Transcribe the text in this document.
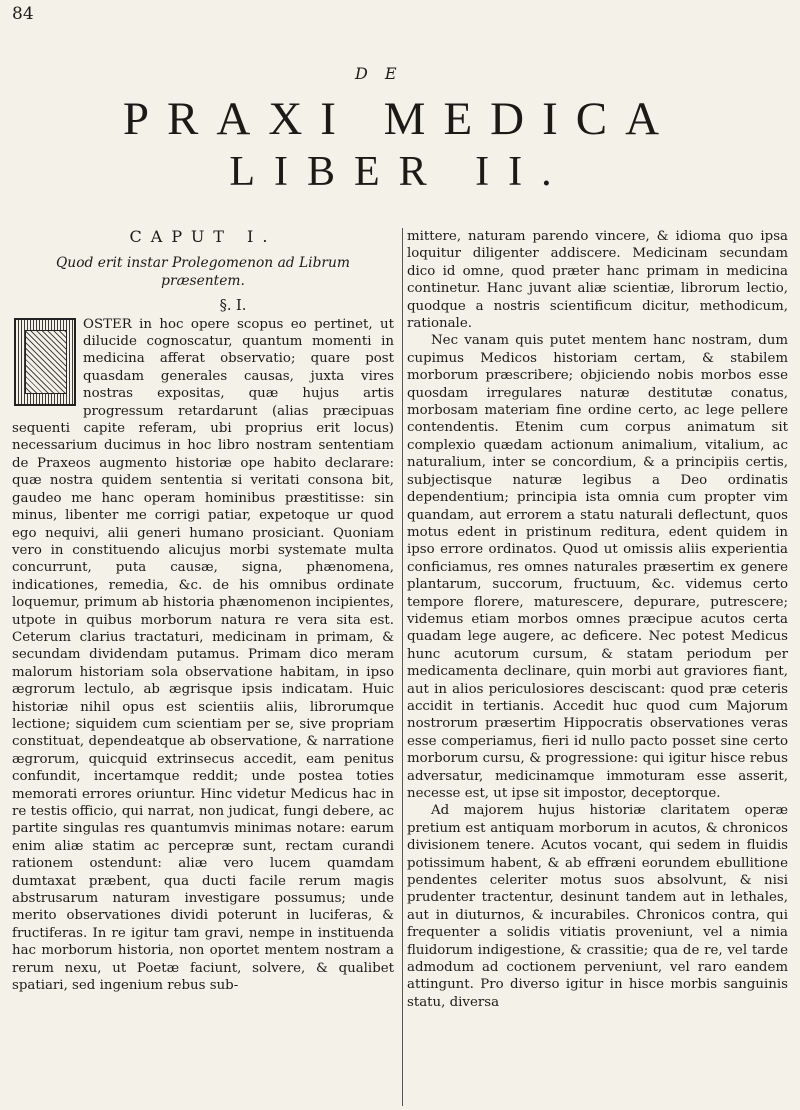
84
D E
PRAXI MEDICA
LIBER II.
CAPUT I.
Quod erit instar Prolegomenon ad Librum præsentem.
§. I.

OSTER in hoc opere scopus eo pertinet, ut dilucide cognoscatur, quantum momenti in medicina afferat observatio; quare post quasdam generales causas, juxta vires nostras expositas, quæ hujus artis progressum retardarunt (alias præcipuas sequenti capite referam, ubi proprius erit locus) necessarium ducimus in hoc libro nostram sententiam de Praxeos augmento historiæ ope habito declarare: quæ nostra quidem sententia si veritati consona bit, gaudeo me hanc operam hominibus præstitisse: sin minus, libenter me corrigi patiar, expetoque ur quod ego nequivi, alii generi humano prosiciant. Quoniam vero in constituendo alicujus morbi systemate multa concurrunt, puta causæ, signa, phænomena, indicationes, remedia, &c. de his omnibus ordinate loquemur, primum ab historia phænomenon incipientes, utpote in quibus morborum natura re vera sita est. Ceterum clarius tractaturi, medicinam in primam, & secundam dividendam putamus. Primam dico meram malorum historiam sola observatione habitam, in ipso ægrorum lectulo, ab ægrisque ipsis indicatam. Huic historiæ nihil opus est scientiis aliis, librorumque lectione; siquidem cum scientiam per se, sive propriam constituat, dependeatque ab observatione, & narratione ægrorum, quicquid extrinsecus accedit, eam penitus confundit, incertamque reddit; unde postea toties memorati errores oriuntur. Hinc videtur Medicus hac in re testis officio, qui narrat, non judicat, fungi debere, ac partite singulas res quantumvis minimas notare: earum enim aliæ statim ac percepræ sunt, rectam curandi rationem ostendunt: aliæ vero lucem quamdam dumtaxat præbent, qua ducti facile rerum magis abstrusarum naturam investigare possumus; unde merito observationes dividi poterunt in luciferas, & fructiferas. In re igitur tam gravi, nempe in instituenda hac morborum historia, non oportet mentem nostram a rerum nexu, ut Poetæ faciunt, solvere, & qualibet spatiari, sed ingenium rebus sub-

mittere, naturam parendo vincere, & idioma quo ipsa loquitur diligenter addiscere. Medicinam secundam dico id omne, quod præter hanc primam in medicina continetur. Hanc juvant aliæ scientiæ, librorum lectio, quodque a nostris scientificum dicitur, methodicum, rationale.

Nec vanam quis putet mentem hanc nostram, dum cupimus Medicos historiam certam, & stabilem morborum præscribere; objiciendo nobis morbos esse quosdam irregulares naturæ destitutæ conatus, morbosam materiam fine ordine certo, ac lege pellere contendentis. Etenim cum corpus animatum sit complexio quædam actionum animalium, vitalium, ac naturalium, inter se concordium, & a principiis certis, subjectisque naturæ legibus a Deo ordinatis dependentium; principia ista omnia cum propter vim quandam, aut errorem a statu naturali deflectunt, quos motus edent in pristinum reditura, edent quidem in ipso errore ordinatos. Quod ut omissis aliis experientia conficiamus, res omnes naturales præsertim ex genere plantarum, succorum, fructuum, &c. videmus certo tempore florere, maturescere, depurare, putrescere; videmus etiam morbos omnes præcipue acutos certa quadam lege augere, ac deficere. Nec potest Medicus hunc acutorum cursum, & statam periodum per medicamenta declinare, quin morbi aut graviores fiant, aut in alios periculosiores desciscant: quod præ ceteris accidit in tertianis. Accedit huc quod cum Majorum nostrorum præsertim Hippocratis observationes veras esse comperiamus, fieri id nullo pacto posset sine certo morborum cursu, & progressione: qui igitur hisce rebus adversatur, medicinamque immoturam esse asserit, necesse est, ut ipse sit impostor, deceptorque.

Ad majorem hujus historiæ claritatem operæ pretium est antiquam morborum in acutos, & chronicos divisionem tenere. Acutos vocant, qui sedem in fluidis potissimum habent, & ab effræni eorundem ebullitione pendentes celeriter motus suos absolvunt, & nisi prudenter tractentur, desinunt tandem aut in lethales, aut in diuturnos, & incurabiles. Chronicos contra, qui frequenter a solidis vitiatis proveniunt, vel a nimia fluidorum indigestione, & crassitie; qua de re, vel tarde admodum ad coctionem perveniunt, vel raro eandem attingunt. Pro diverso igitur in hisce morbis sanguinis statu, diversa
